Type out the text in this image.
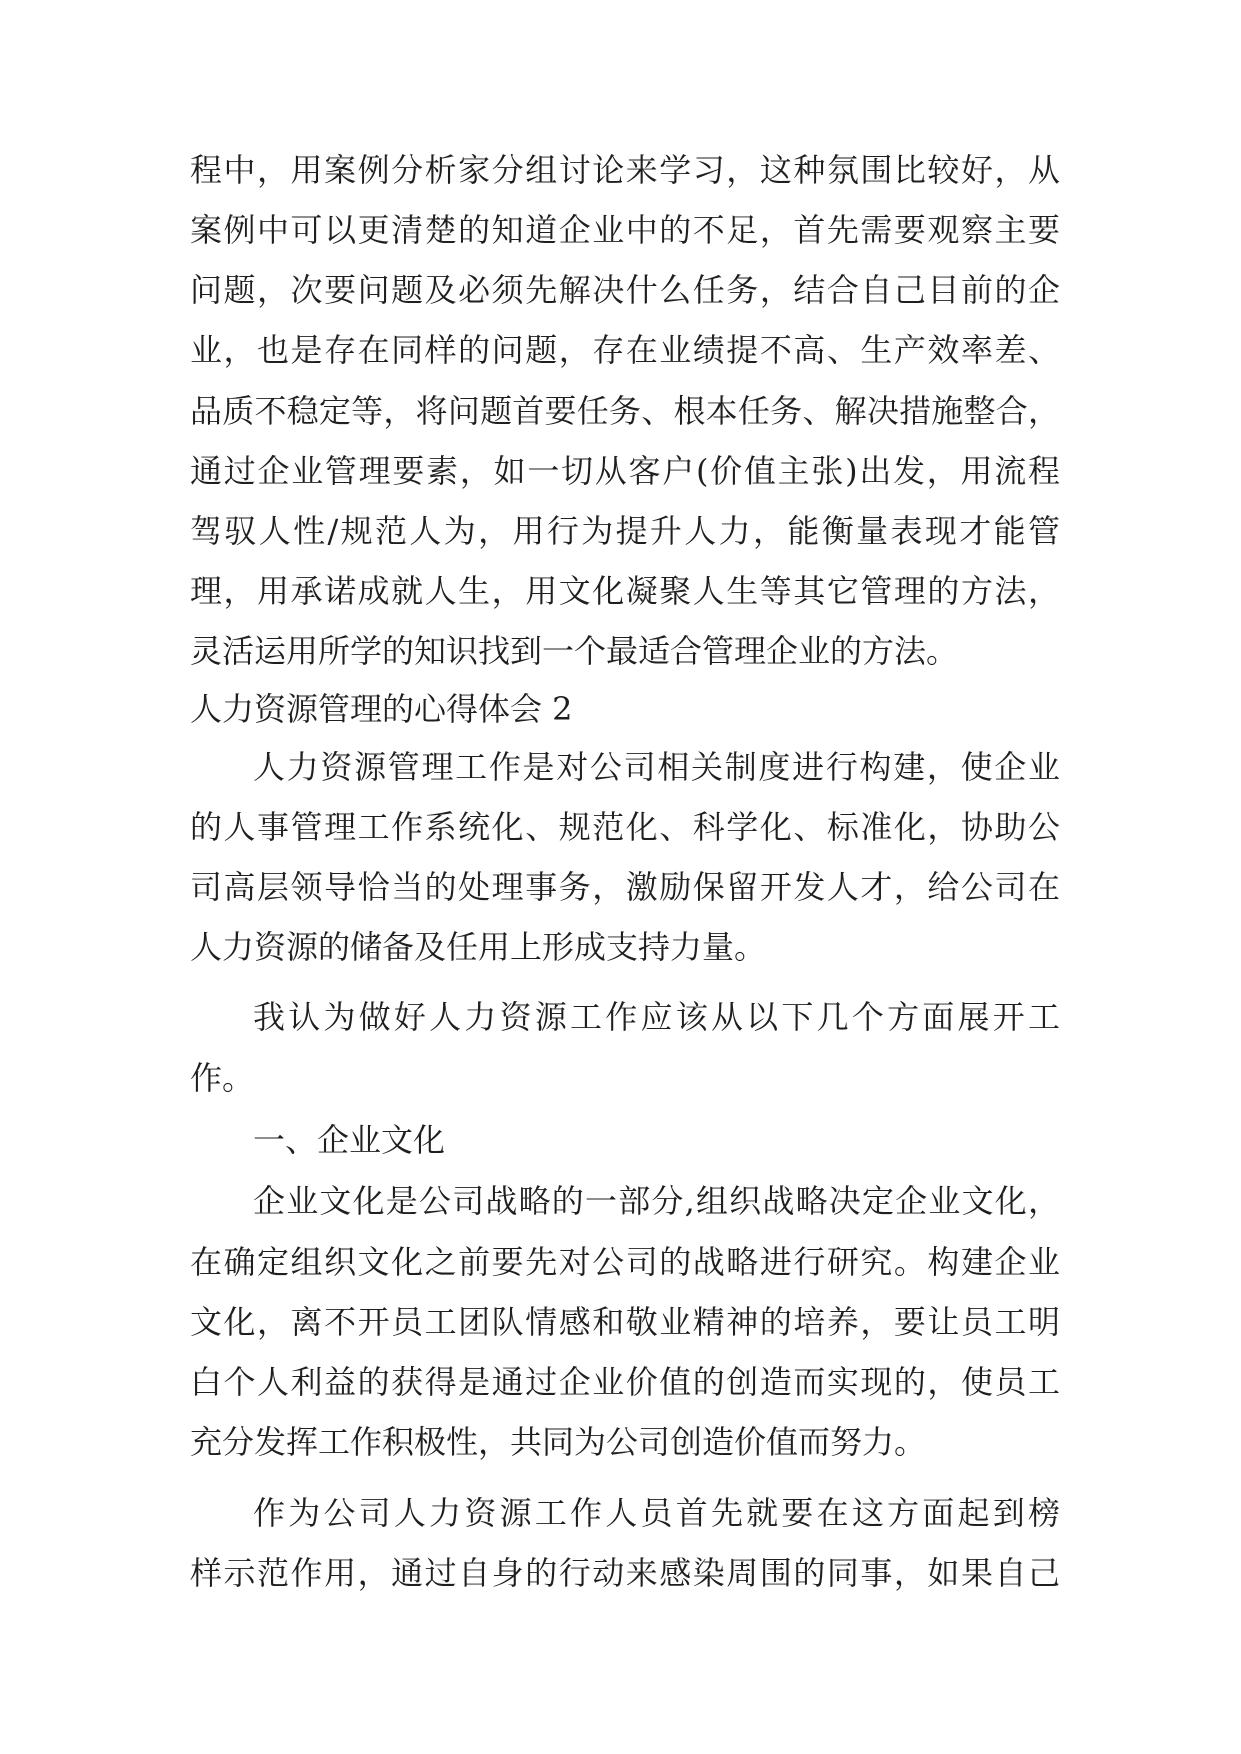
程中，用案例分析家分组讨论来学习，这种氛围比较好，从
案例中可以更清楚的知道企业中的不足，首先需要观察主要
问题，次要问题及必须先解决什么任务，结合自己目前的企
业，也是存在同样的问题，存在业绩提不高、生产效率差、
品质不稳定等，将问题首要任务、根本任务、解决措施整合，
通过企业管理要素，如一切从客户(价值主张)出发，用流程
驾驭人性/规范人为，用行为提升人力，能衡量表现才能管
理，用承诺成就人生，用文化凝聚人生等其它管理的方法，
灵活运用所学的知识找到一个最适合管理企业的方法。
人力资源管理的心得体会 2
人力资源管理工作是对公司相关制度进行构建，使企业
的人事管理工作系统化、规范化、科学化、标准化，协助公
司高层领导恰当的处理事务，激励保留开发人才，给公司在
人力资源的储备及任用上形成支持力量。
我认为做好人力资源工作应该从以下几个方面展开工
作。
一、企业文化
企业文化是公司战略的一部分,组织战略决定企业文化，
在确定组织文化之前要先对公司的战略进行研究。构建企业
文化，离不开员工团队情感和敬业精神的培养，要让员工明
白个人利益的获得是通过企业价值的创造而实现的，使员工
充分发挥工作积极性，共同为公司创造价值而努力。
作为公司人力资源工作人员首先就要在这方面起到榜
样示范作用，通过自身的行动来感染周围的同事，如果自己
